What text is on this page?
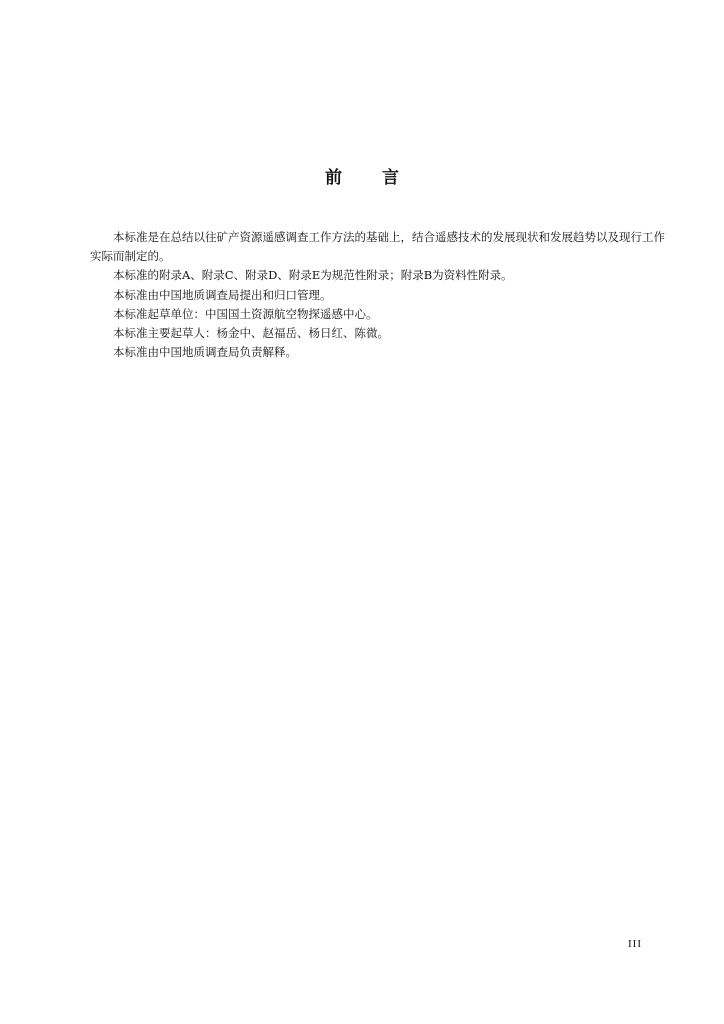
前 言

本标准是在总结以往矿产资源遥感调查工作方法的基础上，结合遥感技术的发展现状和发展趋势以及现行工作实际而制定的。

本标准的附录A、附录C、附录D、附录E为规范性附录；附录B为资料性附录。

本标准由中国地质调查局提出和归口管理。

本标准起草单位：中国国土资源航空物探遥感中心。

本标准主要起草人：杨金中、赵福岳、杨日红、陈微。

本标准由中国地质调查局负责解释。

III
